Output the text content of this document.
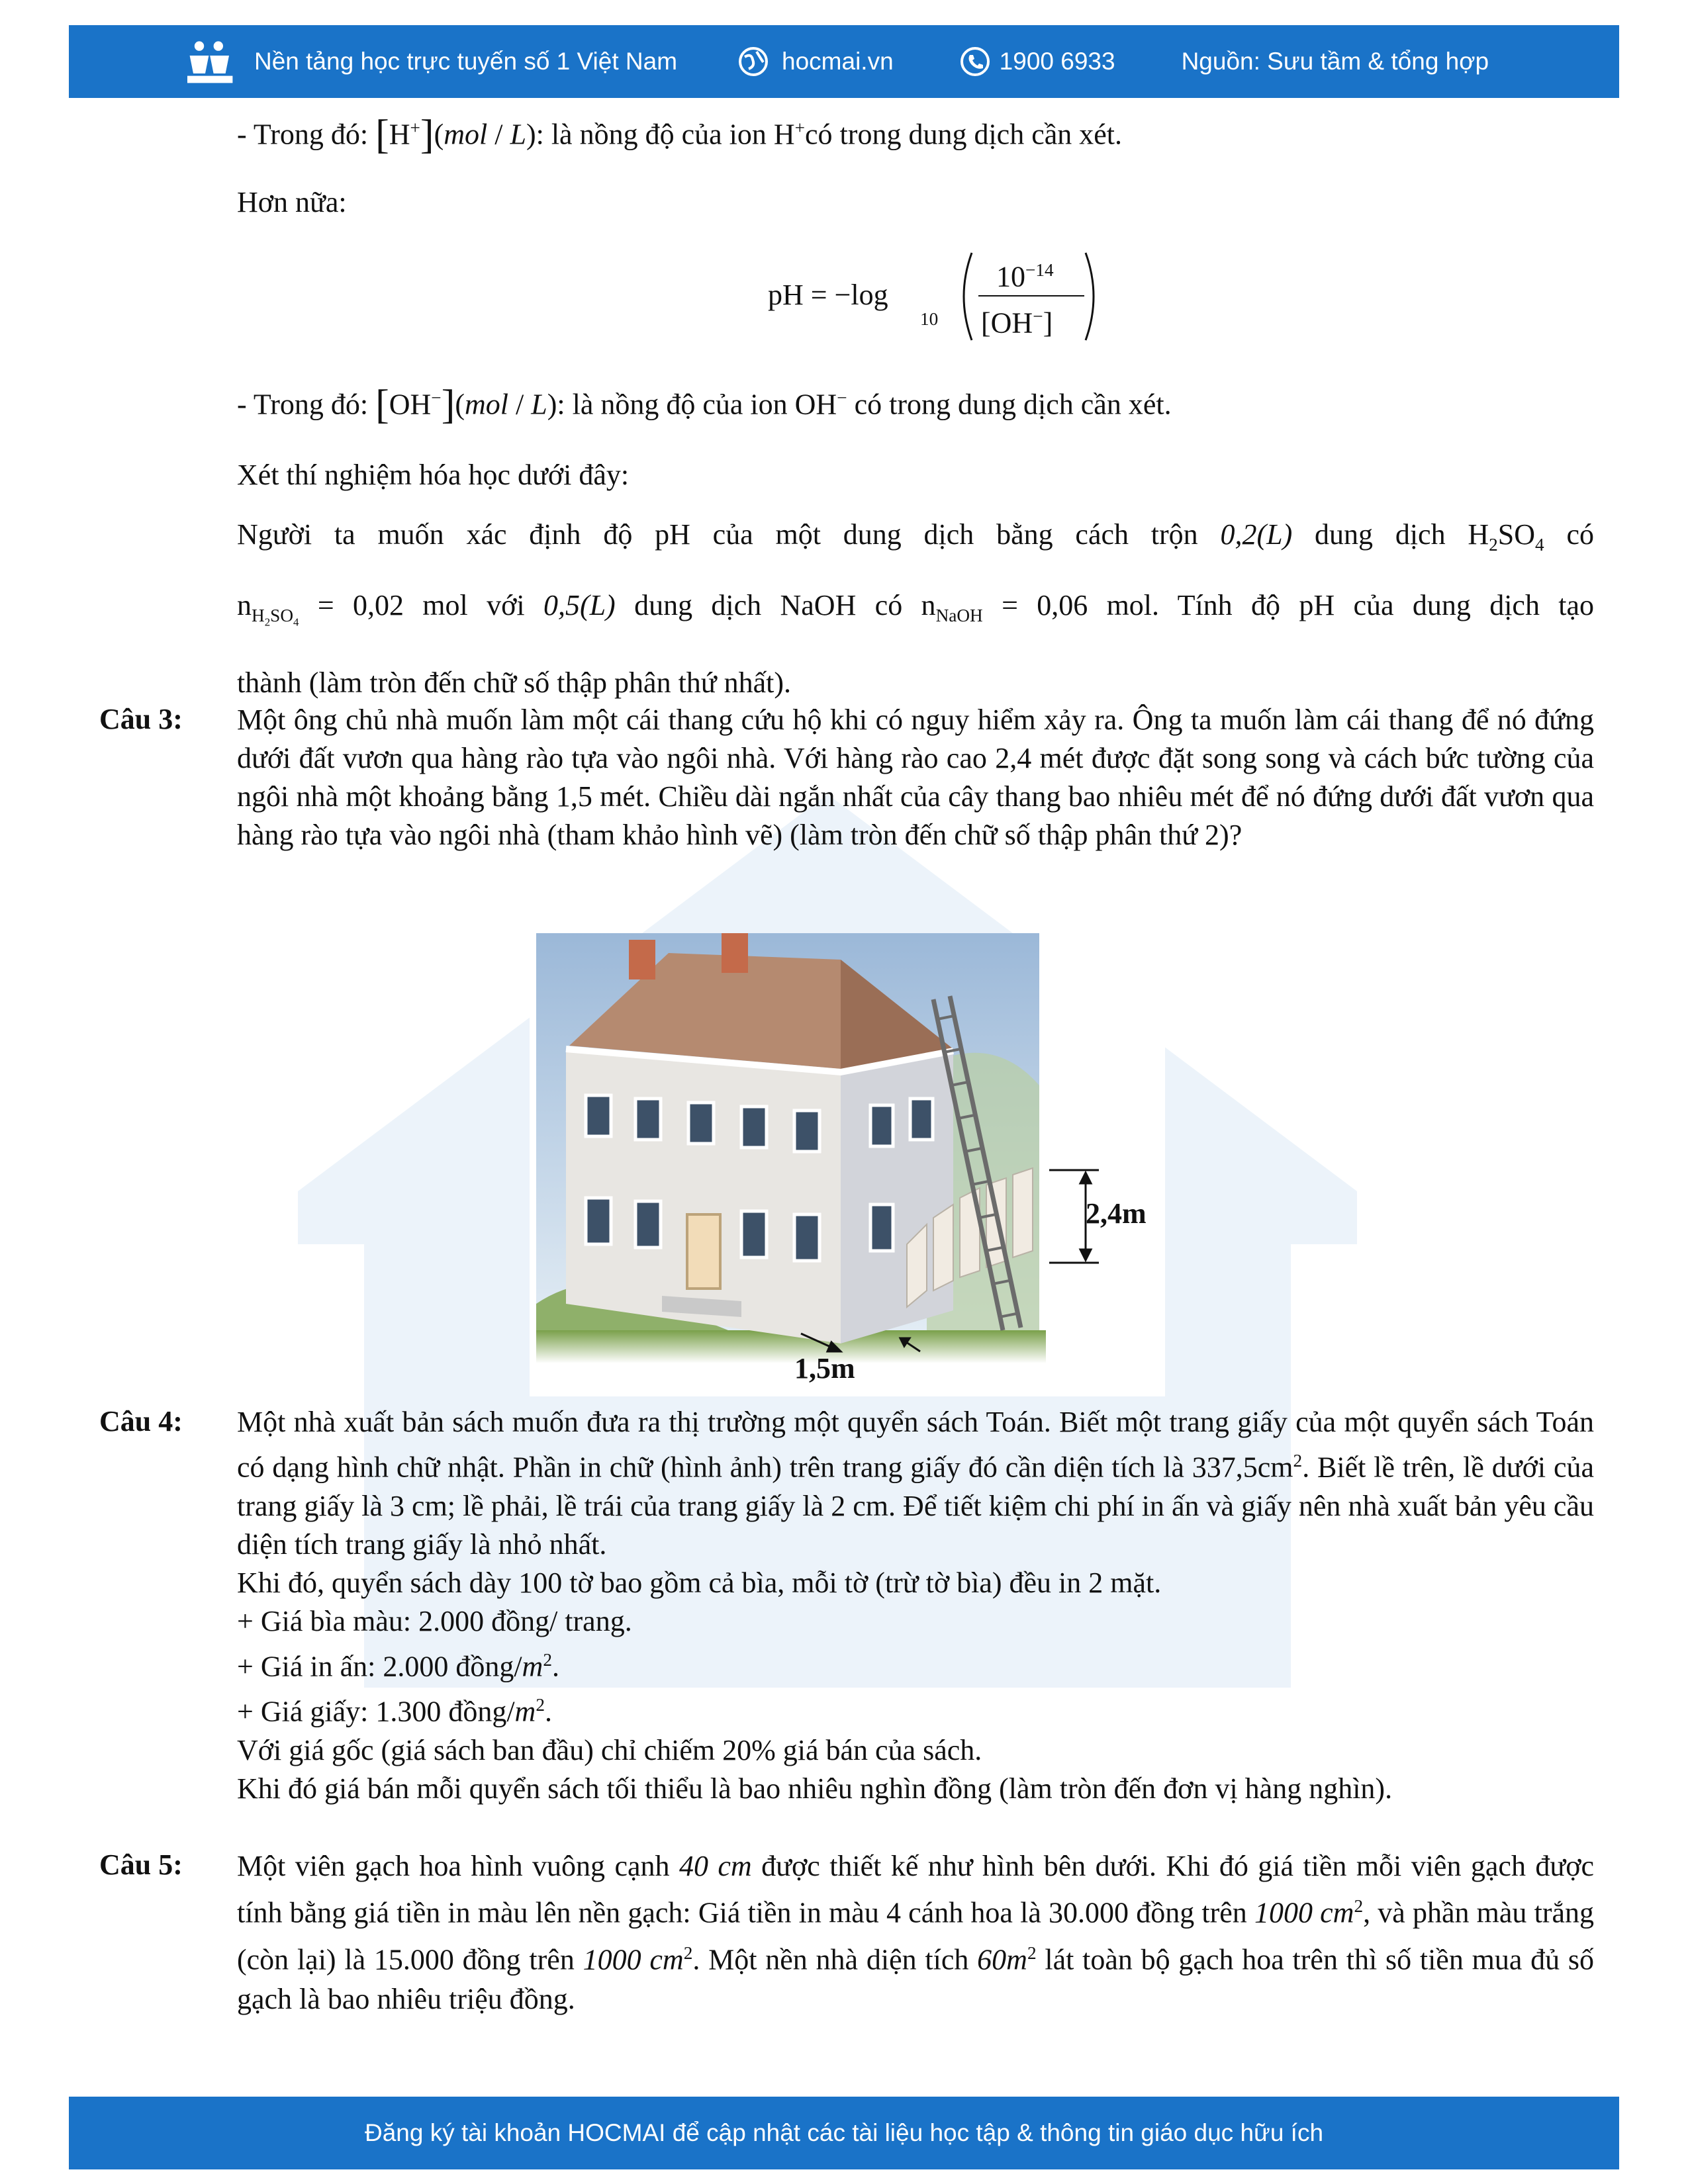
Nền tảng học trực tuyến số 1 Việt Nam	hocmai.vn	1900 6933	Nguồn: Sưu tầm & tổng hợp
- Trong đó: [H+](mol / L): là nồng độ của ion H+có trong dung dịch cần xét.
Hơn nữa:
pH = −log
10
$10^{-14}$
[OH−]
- Trong đó: [OH−](mol / L): là nồng độ của ion OH− có trong dung dịch cần xét.
Xét thí nghiệm hóa học dưới đây:

Người ta muốn xác định độ pH của một dung dịch bằng cách trộn 0,2(L) dung dịch $H_2SO_4$ có

$n_{H_2SO_4} = 0,02$ mol với 0,5(L) dung dịch NaOH có $n_{NaOH} = 0,06$ mol. Tính độ pH của dung dịch tạo

thành (làm tròn đến chữ số thập phân thứ nhất).

Câu 3: Một ông chủ nhà muốn làm một cái thang cứu hộ khi có nguy hiểm xảy ra. Ông ta muốn làm cái thang để nó đứng dưới đất vươn qua hàng rào tựa vào ngôi nhà. Với hàng rào cao 2,4 mét được đặt song song và cách bức tường của ngôi nhà một khoảng bằng 1,5 mét. Chiều dài ngắn nhất của cây thang bao nhiêu mét để nó đứng dưới đất vươn qua hàng rào tựa vào ngôi nhà (tham khảo hình vẽ) (làm tròn đến chữ số thập phân thứ 2)?
2,4m
1,5m
Câu 4: Một nhà xuất bản sách muốn đưa ra thị trường một quyển sách Toán. Biết một trang giấy của một quyển sách Toán có dạng hình chữ nhật. Phần in chữ (hình ảnh) trên trang giấy đó cần diện tích là $337,5cm^2$. Biết lề trên, lề dưới của trang giấy là 3 cm; lề phải, lề trái của trang giấy là 2 cm. Để tiết kiệm chi phí in ấn và giấy nên nhà xuất bản yêu cầu diện tích trang giấy là nhỏ nhất.

Khi đó, quyển sách dày 100 tờ bao gồm cả bìa, mỗi tờ (trừ tờ bìa) đều in 2 mặt.

+ Giá bìa màu: 2.000 đồng/ trang.

+ Giá in ấn: 2.000 đồng/$m^2$.

+ Giá giấy: 1.300 đồng/$m^2$.

Với giá gốc (giá sách ban đầu) chỉ chiếm 20% giá bán của sách.

Khi đó giá bán mỗi quyển sách tối thiểu là bao nhiêu nghìn đồng (làm tròn đến đơn vị hàng nghìn).

Câu 5: Một viên gạch hoa hình vuông cạnh 40 cm được thiết kế như hình bên dưới. Khi đó giá tiền mỗi viên gạch được tính bằng giá tiền in màu lên nền gạch: Giá tiền in màu 4 cánh hoa là 30.000 đồng trên 1000 $cm^2$, và phần màu trắng (còn lại) là 15.000 đồng trên 1000 $cm^2$. Một nền nhà diện tích $60m^2$ lát toàn bộ gạch hoa trên thì số tiền mua đủ số gạch là bao nhiêu triệu đồng.

Đăng ký tài khoản HOCMAI để cập nhật các tài liệu học tập & thông tin giáo dục hữu ích
